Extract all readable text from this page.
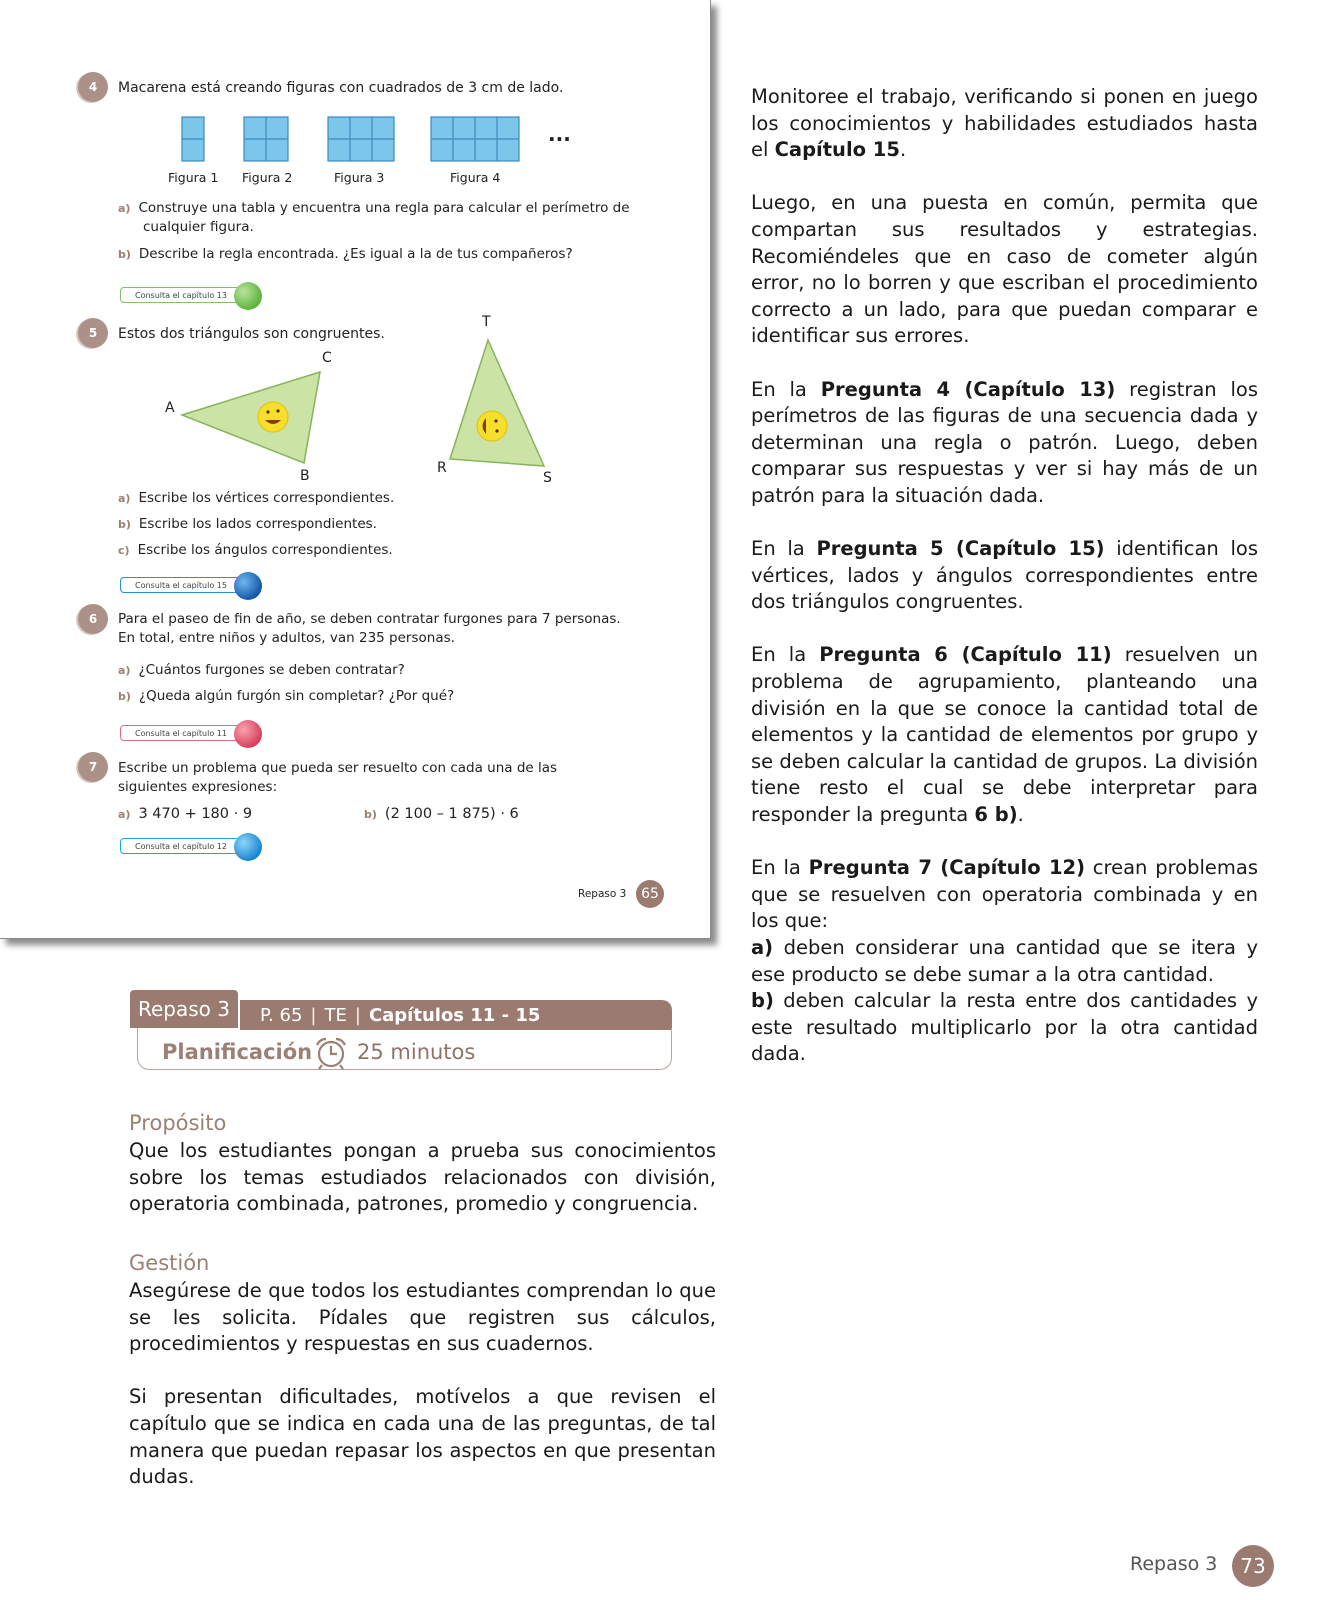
4	Macarena está creando figuras con cuadrados de 3 cm de lado.
...
Figura 1 Figura 2	Figura 3	Figura 4
a) Construye una tabla y encuentra una regla para calcular el perímetro de
cualquier figura.
b) Describe la regla encontrada. ¿Es igual a la de tus compañeros?
Consulta el capítulo 13
5	Estos dos triángulos son congruentes.
A
C
B
T
R
S
a) Escribe los vértices correspondientes.
b) Escribe los lados correspondientes.
c) Escribe los ángulos correspondientes.
Consulta el capítulo 15
6	Para el paseo de fin de año, se deben contratar furgones para 7 personas.
En total, entre niños y adultos, van 235 personas.
a) ¿Cuántos furgones se deben contratar?
b) ¿Queda algún furgón sin completar? ¿Por qué?
Consulta el capítulo 11
7	Escribe un problema que pueda ser resuelto con cada una de las
siguientes expresiones:
a) 3 470 + 180 · 9	b) (2 100 – 1 875) · 6
Consulta el capítulo 12
Repaso 3	65

Monitoree el trabajo, verificando si ponen en juego los conocimientos y habilidades estudiados hasta el Capítulo 15.

Luego, en una puesta en común, permita que compartan sus resultados y estrategias. Recomiéndeles que en caso de cometer algún error, no lo borren y que escriban el procedimiento correcto a un lado, para que puedan comparar e identificar sus errores.

En la Pregunta 4 (Capítulo 13) registran los perímetros de las figuras de una secuencia dada y determinan una regla o patrón. Luego, deben comparar sus respuestas y ver si hay más de un patrón para la situación dada.

En la Pregunta 5 (Capítulo 15) identifican los vértices, lados y ángulos correspondientes entre dos triángulos congruentes.

En la Pregunta 6 (Capítulo 11) resuelven un problema de agrupamiento, planteando una división en la que se conoce la cantidad total de elementos y la cantidad de elementos por grupo y se deben calcular la cantidad de grupos. La división tiene resto el cual se debe interpretar para responder la pregunta 6 b).

En la Pregunta 7 (Capítulo 12) crean problemas que se resuelven con operatoria combinada y en los que:
a) deben considerar una cantidad que se itera y ese producto se debe sumar a la otra cantidad.
b) deben calcular la resta entre dos cantidades y este resultado multiplicarlo por la otra cantidad dada.

Repaso 3	P. 65 | TE | Capítulos 11 - 15
Planificación 25 minutos
Propósito

Que los estudiantes pongan a prueba sus conocimientos sobre los temas estudiados relacionados con división, operatoria combinada, patrones, promedio y congruencia.

Gestión

Asegúrese de que todos los estudiantes comprendan lo que se les solicita. Pídales que registren sus cálculos, procedimientos y respuestas en sus cuadernos.

Si presentan dificultades, motívelos a que revisen el capítulo que se indica en cada una de las preguntas, de tal manera que puedan repasar los aspectos en que presentan dudas.

Repaso 3	73
